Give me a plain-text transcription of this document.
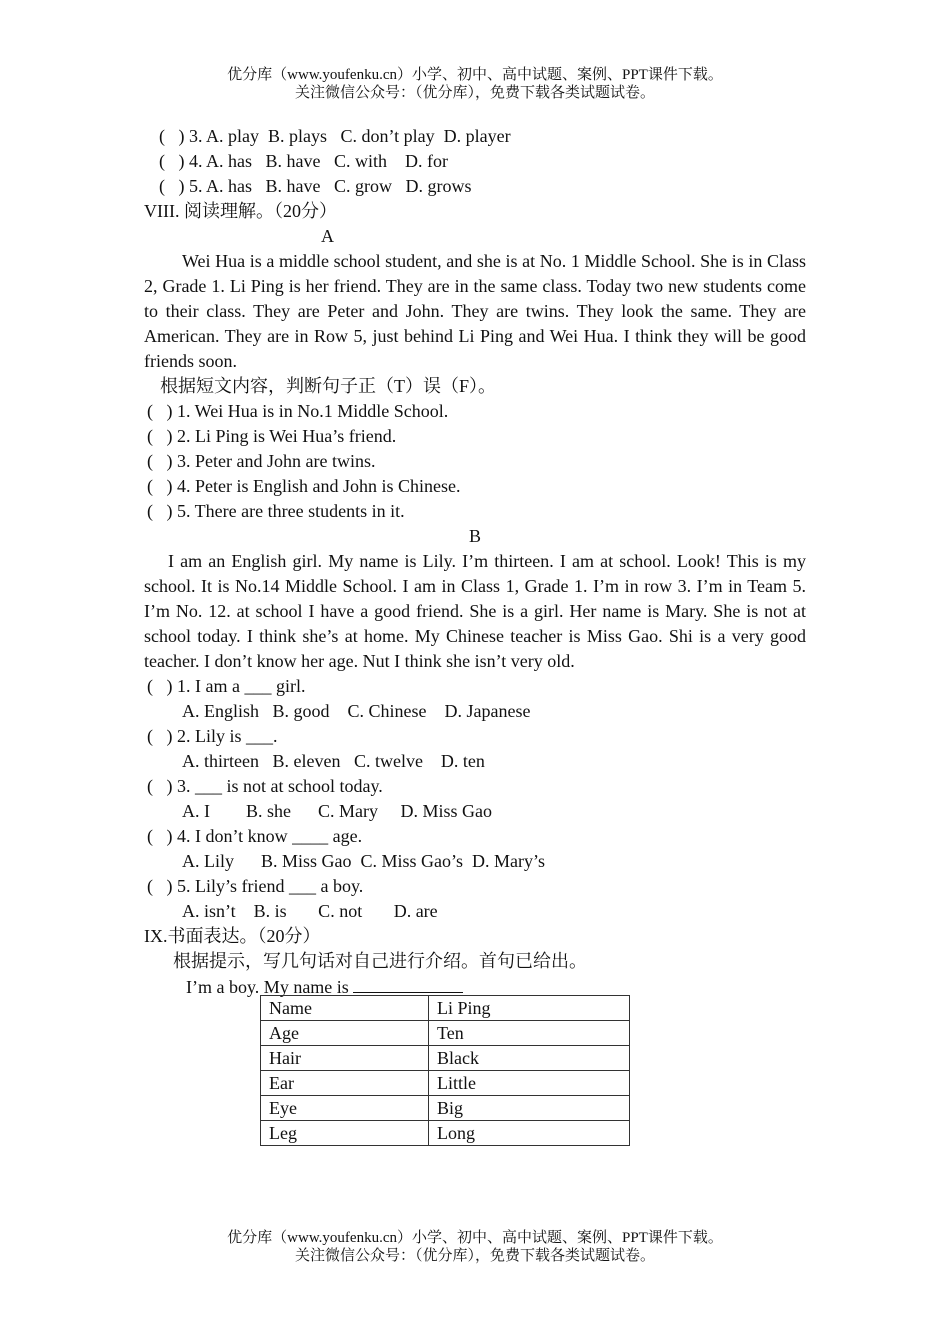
优分库（www.youfenku.cn）小学、初中、高中试题、案例、PPT课件下载。
关注微信公众号：（优分库），免费下载各类试题试卷。
(   ) 3. A. play  B. plays   C. don’t play  D. player
(   ) 4. A. has   B. have   C. with    D. for
(   ) 5. A. has   B. have   C. grow   D. grows
VIII. 阅读理解。（20分）
A
Wei Hua is a middle school student, and she is at No. 1 Middle School. She is in Class 2, Grade 1. Li Ping is her friend. They are in the same class. Today two new students come to their class. They are Peter and John. They are twins. They look the same. They are American. They are in Row 5, just behind Li Ping and Wei Hua. I think they will be good friends soon.
根据短文内容，判断句子正（T）误（F）。
(   ) 1. Wei Hua is in No.1 Middle School.
(   ) 2. Li Ping is Wei Hua’s friend.
(   ) 3. Peter and John are twins.
(   ) 4. Peter is English and John is Chinese.
(   ) 5. There are three students in it.
B
I am an English girl. My name is Lily. I’m thirteen. I am at school. Look! This is my school. It is No.14 Middle School. I am in Class 1, Grade 1. I’m in row 3. I’m in Team 5. I’m No. 12. at school I have a good friend. She is a girl. Her name is Mary. She is not at school today. I think she’s at home. My Chinese teacher is Miss Gao. Shi is a very good teacher. I don’t know her age. Nut I think she isn’t very old.
(   ) 1. I am a ___ girl.
A. English   B. good    C. Chinese    D. Japanese
(   ) 2. Lily is ___.
A. thirteen   B. eleven   C. twelve    D. ten
(   ) 3. ___ is not at school today.
A. I        B. she      C. Mary     D. Miss Gao
(   ) 4. I don’t know ____ age.
A. Lily      B. Miss Gao  C. Miss Gao’s  D. Mary’s
(   ) 5. Lily’s friend ___ a boy.
A. isn’t    B. is       C. not       D. are
IX.书面表达。（20分）
根据提示，写几句话对自己进行介绍。首句已给出。
I’m a boy. My name is
Name	Li Ping
Age	Ten
Hair	Black
Ear	Little
Eye	Big
Leg	Long
优分库（www.youfenku.cn）小学、初中、高中试题、案例、PPT课件下载。
关注微信公众号：（优分库），免费下载各类试题试卷。
